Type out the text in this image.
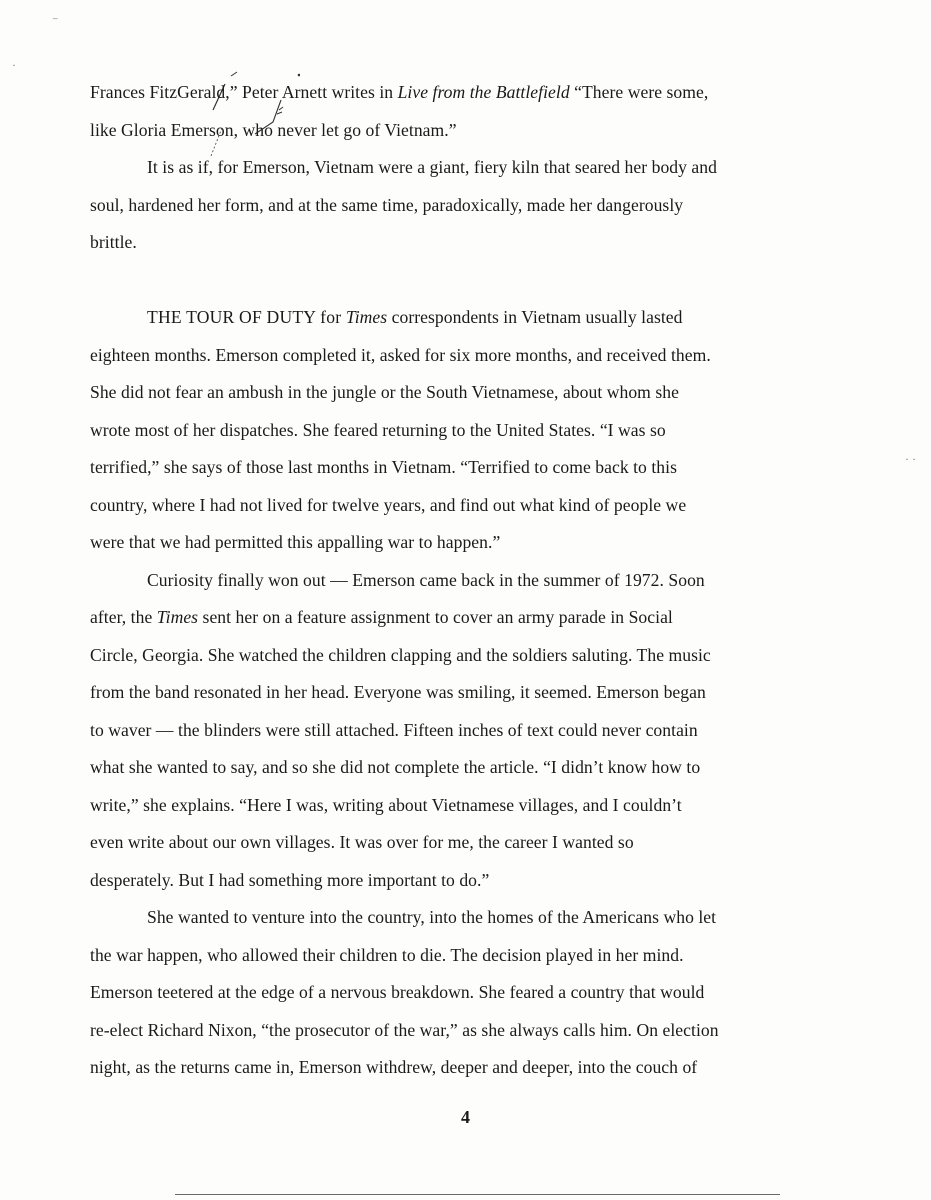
⁻
·
· ·
Frances FitzGerald,” Peter Arnett writes in Live from the Battlefield “There were some,
like Gloria Emerson, who never let go of Vietnam.”
It is as if, for Emerson, Vietnam were a giant, fiery kiln that seared her body and
soul, hardened her form, and at the same time, paradoxically, made her dangerously
brittle.
THE TOUR OF DUTY for Times correspondents in Vietnam usually lasted
eighteen months. Emerson completed it, asked for six more months, and received them.
She did not fear an ambush in the jungle or the South Vietnamese, about whom she
wrote most of her dispatches. She feared returning to the United States. “I was so
terrified,” she says of those last months in Vietnam. “Terrified to come back to this
country, where I had not lived for twelve years, and find out what kind of people we
were that we had permitted this appalling war to happen.”
Curiosity finally won out — Emerson came back in the summer of 1972. Soon
after, the Times sent her on a feature assignment to cover an army parade in Social
Circle, Georgia. She watched the children clapping and the soldiers saluting. The music
from the band resonated in her head. Everyone was smiling, it seemed. Emerson began
to waver — the blinders were still attached. Fifteen inches of text could never contain
what she wanted to say, and so she did not complete the article. “I didn’t know how to
write,” she explains. “Here I was, writing about Vietnamese villages, and I couldn’t
even write about our own villages. It was over for me, the career I wanted so
desperately. But I had something more important to do.”
She wanted to venture into the country, into the homes of the Americans who let
the war happen, who allowed their children to die. The decision played in her mind.
Emerson teetered at the edge of a nervous breakdown. She feared a country that would
re-elect Richard Nixon, “the prosecutor of the war,” as she always calls him. On election
night, as the returns came in, Emerson withdrew, deeper and deeper, into the couch of
4
